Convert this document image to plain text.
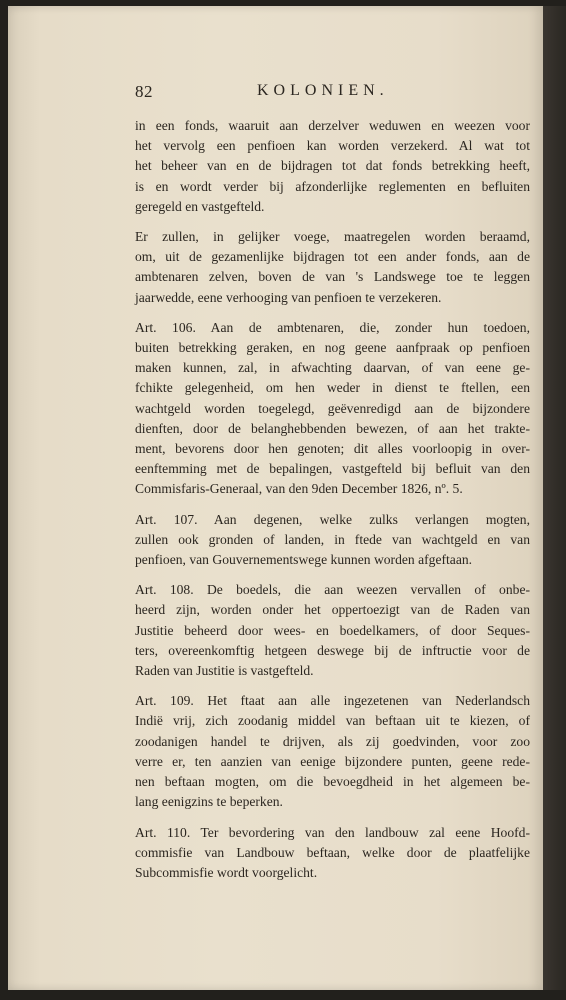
82	KOLONIEN.

in een fonds, waaruit aan derzelver weduwen en weezen voor
het vervolg een penfioen kan worden verzekerd. Al wat tot
het beheer van en de bijdragen tot dat fonds betrekking heeft,
is en wordt verder bij afzonderlijke reglementen en befluiten
geregeld en vastgefteld.

Er zullen, in gelijker voege, maatregelen worden beraamd,
om, uit de gezamenlijke bijdragen tot een ander fonds, aan de
ambtenaren zelven, boven de van 's Landswege toe te leggen
jaarwedde, eene verhooging van penfioen te verzekeren.

Art. 106. Aan de ambtenaren, die, zonder hun toedoen,
buiten betrekking geraken, en nog geene aanfpraak op penfioen
maken kunnen, zal, in afwachting daarvan, of van eene ge-
fchikte gelegenheid, om hen weder in dienst te ftellen, een
wachtgeld worden toegelegd, geëvenredigd aan de bijzondere
dienften, door de belanghebbenden bewezen, of aan het trakte-
ment, bevorens door hen genoten; dit alles voorloopig in over-
eenftemming met de bepalingen, vastgefteld bij befluit van den
Commisfaris-Generaal, van den 9den December 1826, nº. 5.

Art. 107. Aan degenen, welke zulks verlangen mogten,
zullen ook gronden of landen, in ftede van wachtgeld en van
penfioen, van Gouvernementswege kunnen worden afgeftaan.

Art. 108. De boedels, die aan weezen vervallen of onbe-
heerd zijn, worden onder het oppertoezigt van de Raden van
Justitie beheerd door wees- en boedelkamers, of door Seques-
ters, overeenkomftig hetgeen deswege bij de inftructie voor de
Raden van Justitie is vastgefteld.

Art. 109. Het ftaat aan alle ingezetenen van Nederlandsch
Indië vrij, zich zoodanig middel van beftaan uit te kiezen, of
zoodanigen handel te drijven, als zij goedvinden, voor zoo
verre er, ten aanzien van eenige bijzondere punten, geene rede-
nen beftaan mogten, om die bevoegdheid in het algemeen be-
lang eenigzins te beperken.

Art. 110. Ter bevordering van den landbouw zal eene Hoofd-
commisfie van Landbouw beftaan, welke door de plaatfelijke
Subcommisfie wordt voorgelicht.
